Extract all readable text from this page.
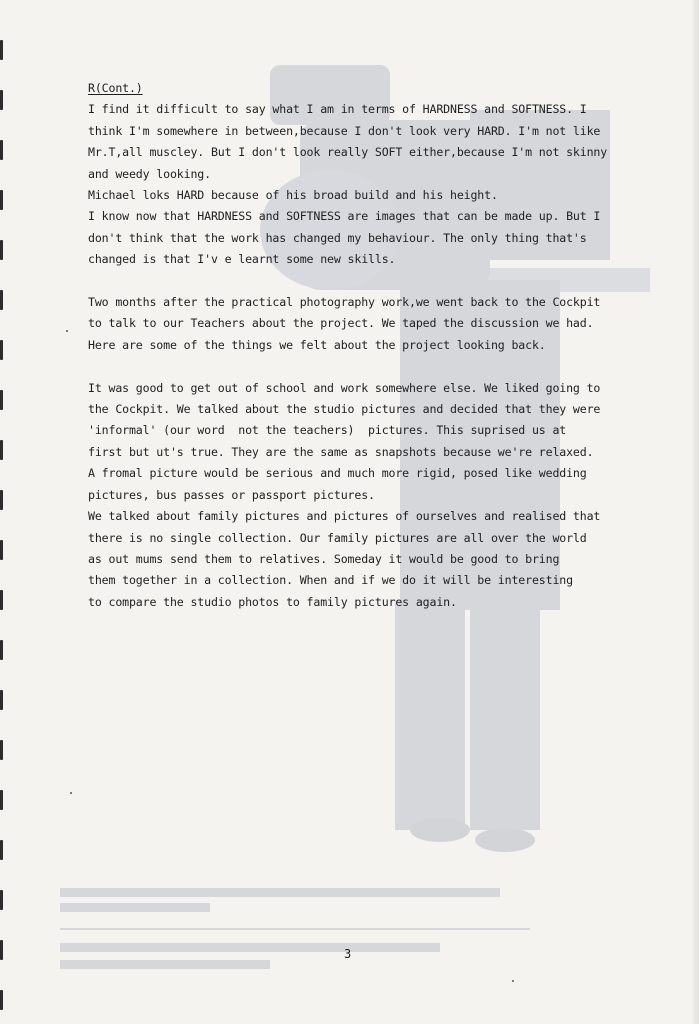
R(Cont.)
I find it difficult to say what I am in terms of HARDNESS and SOFTNESS. I
think I'm somewhere in between,because I don't look very HARD. I'm not like
Mr.T,all muscley. But I don't look really SOFT either,because I'm not skinny
and weedy looking.
Michael loks HARD because of his broad build and his height.
I know now that HARDNESS and SOFTNESS are images that can be made up. But I
don't think that the work has changed my behaviour. The only thing that's
changed is that I'v e learnt some new skills.
Two months after the practical photography work,we went back to the Cockpit
to talk to our Teachers about the project. We taped the discussion we had.
Here are some of the things we felt about the project looking back.
It was good to get out of school and work somewhere else. We liked going to
the Cockpit. We talked about the studio pictures and decided that they were
'informal' (our word  not the teachers)  pictures. This suprised us at
first but ut's true. They are the same as snapshots because we're relaxed.
A fromal picture would be serious and much more rigid, posed like wedding
pictures, bus passes or passport pictures.
We talked about family pictures and pictures of ourselves and realised that
there is no single collection. Our family pictures are all over the world
as out mums send them to relatives. Someday it would be good to bring
them together in a collection. When and if we do it will be interesting
to compare the studio photos to family pictures again.
3
